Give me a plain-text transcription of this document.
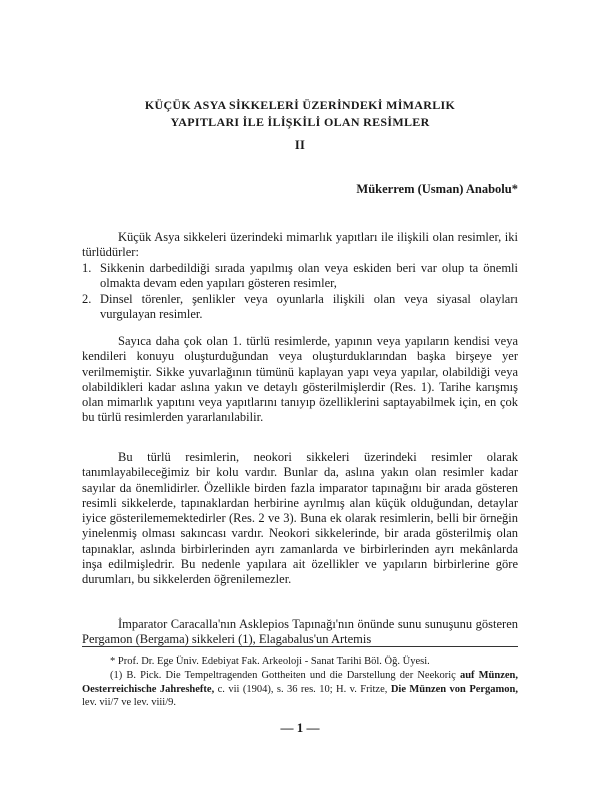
KÜÇÜK ASYA SİKKELERİ ÜZERİNDEKİ MİMARLIK
YAPITLARI İLE İLİŞKİLİ OLAN RESİMLER
II
Mükerrem (Usman) Anabolu*

Küçük Asya sikkeleri üzerindeki mimarlık yapıtları ile ilişkili olan resimler, iki türlüdürler:

1. Sikkenin darbedildiği sırada yapılmış olan veya eskiden beri var olup ta önemli olmakta devam eden yapıları gösteren resimler,
2. Dinsel törenler, şenlikler veya oyunlarla ilişkili olan veya siyasal olayları vurgulayan resimler.

Sayıca daha çok olan 1. türlü resimlerde, yapının veya yapıların kendisi veya kendileri konuyu oluşturduğundan veya oluşturduklarından başka birşeye yer verilmemiştir. Sikke yuvarlağının tümünü kaplayan yapı veya yapılar, olabildiği veya olabildikleri kadar aslına yakın ve detaylı gösterilmişlerdir (Res. 1). Tarihe karışmış olan mimarlık yapıtını veya yapıtlarını tanıyıp özelliklerini saptayabilmek için, en çok bu türlü resimlerden yararlanılabilir.

Bu türlü resimlerin, neokori sikkeleri üzerindeki resimler olarak tanımlayabileceğimiz bir kolu vardır. Bunlar da, aslına yakın olan resimler kadar sayılar da önemlidirler. Özellikle birden fazla imparator tapınağını bir arada gösteren resimli sikkelerde, tapınaklardan herbirine ayrılmış alan küçük olduğundan, detaylar iyice gösterilememektedirler (Res. 2 ve 3). Buna ek olarak resimlerin, belli bir örneğin yinelenmiş olması sakıncası vardır. Neokori sikkelerinde, bir arada gösterilmiş olan tapınaklar, aslında birbirlerinden ayrı zamanlarda ve birbirlerinden ayrı mekânlarda inşa edilmişledrir. Bu nedenle yapılara ait özellikler ve yapıların birbirlerine göre durumları, bu sikkelerden öğrenilemezler.

İmparator Caracalla'nın Asklepios Tapınağı'nın önünde sunu sunuşunu gösteren Pergamon (Bergama) sikkeleri (1), Elagabalus'un Artemis

* Prof. Dr. Ege Üniv. Edebiyat Fak. Arkeoloji - Sanat Tarihi Böl. Öğ. Üyesi.

(1) B. Pick. Die Tempeltragenden Gottheiten und die Darstellung der Neekoriç auf Münzen, Oesterreichische Jahreshefte, c. vii (1904), s. 36 res. 10; H. v. Fritze, Die Münzen von Pergamon, lev. vii/7 ve lev. viii/9.

— 1 —
